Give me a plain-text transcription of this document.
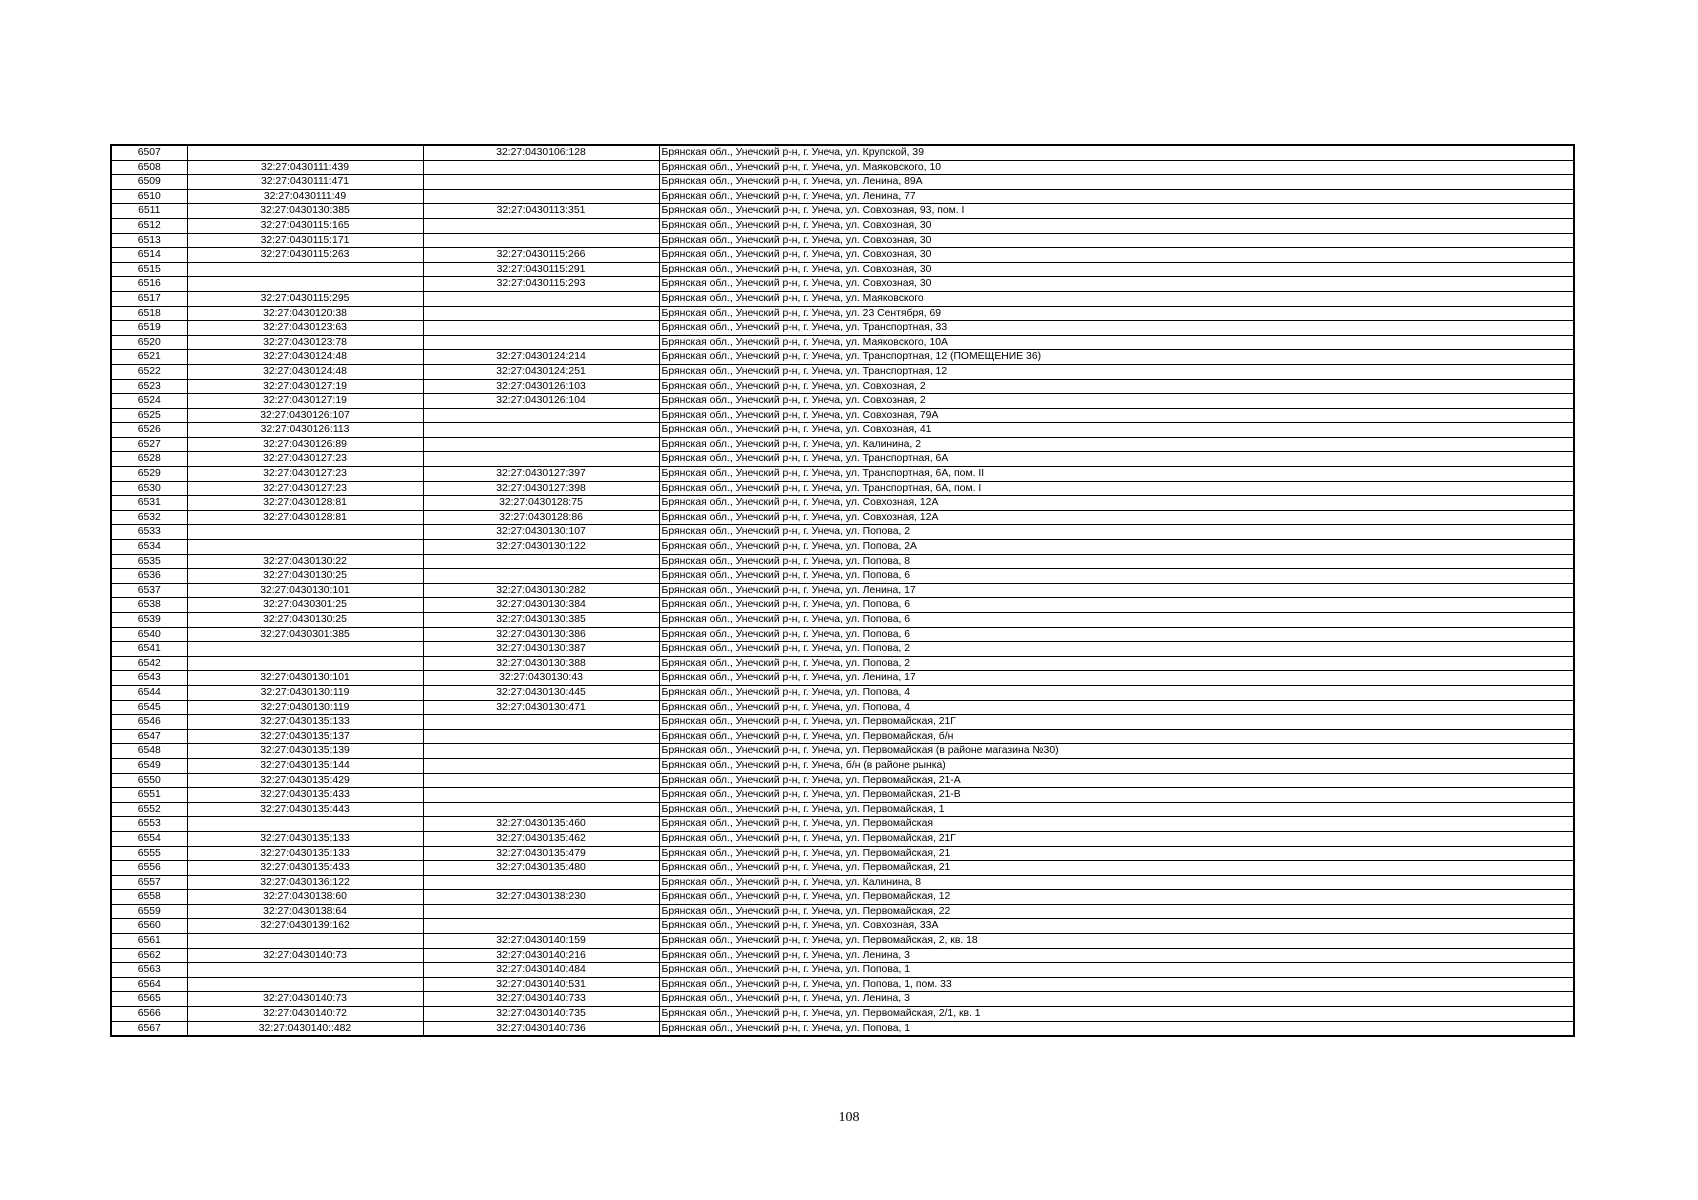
6507		32:27:0430106:128	Брянская обл., Унечский р-н, г. Унеча, ул. Крупской, 39
6508	32:27:0430111:439		Брянская обл., Унечский р-н, г. Унеча, ул. Маяковского, 10
6509	32:27:0430111:471		Брянская обл., Унечский р-н, г. Унеча, ул. Ленина, 89А
6510	32:27:0430111:49		Брянская обл., Унечский р-н, г. Унеча, ул. Ленина, 77
6511	32:27:0430130:385	32:27:0430113:351	Брянская обл., Унечский р-н, г. Унеча, ул. Совхозная, 93, пом. I
6512	32:27:0430115:165		Брянская обл., Унечский р-н, г. Унеча, ул. Совхозная, 30
6513	32:27:0430115:171		Брянская обл., Унечский р-н, г. Унеча, ул. Совхозная, 30
6514	32:27:0430115:263	32:27:0430115:266	Брянская обл., Унечский р-н, г. Унеча, ул. Совхозная, 30
6515		32:27:0430115:291	Брянская обл., Унечский р-н, г. Унеча, ул. Совхозная, 30
6516		32:27:0430115:293	Брянская обл., Унечский р-н, г. Унеча, ул. Совхозная, 30
6517	32:27:0430115:295		Брянская обл., Унечский р-н, г. Унеча, ул. Маяковского
6518	32:27:0430120:38		Брянская обл., Унечский р-н, г. Унеча, ул. 23 Сентября, 69
6519	32:27:0430123:63		Брянская обл., Унечский р-н, г. Унеча, ул. Транспортная, 33
6520	32:27:0430123:78		Брянская обл., Унечский р-н, г. Унеча, ул. Маяковского, 10А
6521	32:27:0430124:48	32:27:0430124:214	Брянская обл., Унечский р-н, г. Унеча, ул. Транспортная, 12 (ПОМЕЩЕНИЕ 36)
6522	32:27:0430124:48	32:27:0430124:251	Брянская обл., Унечский р-н, г. Унеча, ул. Транспортная, 12
6523	32:27:0430127:19	32:27:0430126:103	Брянская обл., Унечский р-н, г. Унеча, ул. Совхозная, 2
6524	32:27:0430127:19	32:27:0430126:104	Брянская обл., Унечский р-н, г. Унеча, ул. Совхозная, 2
6525	32:27:0430126:107		Брянская обл., Унечский р-н, г. Унеча, ул. Совхозная, 79А
6526	32:27:0430126:113		Брянская обл., Унечский р-н, г. Унеча, ул. Совхозная, 41
6527	32:27:0430126:89		Брянская обл., Унечский р-н, г. Унеча, ул. Калинина, 2
6528	32:27:0430127:23		Брянская обл., Унечский р-н, г. Унеча, ул. Транспортная, 6А
6529	32:27:0430127:23	32:27:0430127:397	Брянская обл., Унечский р-н, г. Унеча, ул. Транспортная, 6А, пом. II
6530	32:27:0430127:23	32:27:0430127:398	Брянская обл., Унечский р-н, г. Унеча, ул. Транспортная, 6А, пом. I
6531	32:27:0430128:81	32:27:0430128:75	Брянская обл., Унечский р-н, г. Унеча, ул. Совхозная, 12А
6532	32:27:0430128:81	32:27:0430128:86	Брянская обл., Унечский р-н, г. Унеча, ул. Совхозная, 12А
6533		32:27:0430130:107	Брянская обл., Унечский р-н, г. Унеча, ул. Попова, 2
6534		32:27:0430130:122	Брянская обл., Унечский р-н, г. Унеча, ул. Попова, 2А
6535	32:27:0430130:22		Брянская обл., Унечский р-н, г. Унеча, ул. Попова, 8
6536	32:27:0430130:25		Брянская обл., Унечский р-н, г. Унеча, ул. Попова, 6
6537	32:27:0430130:101	32:27:0430130:282	Брянская обл., Унечский р-н, г. Унеча, ул. Ленина, 17
6538	32:27:0430301:25	32:27:0430130:384	Брянская обл., Унечский р-н, г. Унеча, ул. Попова, 6
6539	32:27:0430130:25	32:27:0430130:385	Брянская обл., Унечский р-н, г. Унеча, ул. Попова, 6
6540	32:27:0430301:385	32:27:0430130:386	Брянская обл., Унечский р-н, г. Унеча, ул. Попова, 6
6541		32:27:0430130:387	Брянская обл., Унечский р-н, г. Унеча, ул. Попова, 2
6542		32:27:0430130:388	Брянская обл., Унечский р-н, г. Унеча, ул. Попова, 2
6543	32:27:0430130:101	32:27:0430130:43	Брянская обл., Унечский р-н, г. Унеча, ул. Ленина, 17
6544	32:27:0430130:119	32:27:0430130:445	Брянская обл., Унечский р-н, г. Унеча, ул. Попова, 4
6545	32:27:0430130:119	32:27:0430130:471	Брянская обл., Унечский р-н, г. Унеча, ул. Попова, 4
6546	32:27:0430135:133		Брянская обл., Унечский р-н, г. Унеча, ул. Первомайская, 21Г
6547	32:27:0430135:137		Брянская обл., Унечский р-н, г. Унеча, ул. Первомайская, б/н
6548	32:27:0430135:139		Брянская обл., Унечский р-н, г. Унеча, ул. Первомайская (в районе магазина №30)
6549	32:27:0430135:144		Брянская обл., Унечский р-н, г. Унеча, б/н (в районе рынка)
6550	32:27:0430135:429		Брянская обл., Унечский р-н, г. Унеча, ул. Первомайская, 21-А
6551	32:27:0430135:433		Брянская обл., Унечский р-н, г. Унеча, ул. Первомайская, 21-В
6552	32:27:0430135:443		Брянская обл., Унечский р-н, г. Унеча, ул. Первомайская, 1
6553		32:27:0430135:460	Брянская обл., Унечский р-н, г. Унеча, ул. Первомайская
6554	32:27:0430135:133	32:27:0430135:462	Брянская обл., Унечский р-н, г. Унеча, ул. Первомайская, 21Г
6555	32:27:0430135:133	32:27:0430135:479	Брянская обл., Унечский р-н, г. Унеча, ул. Первомайская, 21
6556	32:27:0430135:433	32:27:0430135:480	Брянская обл., Унечский р-н, г. Унеча, ул. Первомайская, 21
6557	32:27:0430136:122		Брянская обл., Унечский р-н, г. Унеча, ул. Калинина, 8
6558	32:27:0430138:60	32:27:0430138:230	Брянская обл., Унечский р-н, г. Унеча, ул. Первомайская, 12
6559	32:27:0430138:64		Брянская обл., Унечский р-н, г. Унеча, ул. Первомайская, 22
6560	32:27:0430139:162		Брянская обл., Унечский р-н, г. Унеча, ул. Совхозная, 33А
6561		32:27:0430140:159	Брянская обл., Унечский р-н, г. Унеча, ул. Первомайская, 2, кв. 18
6562	32:27:0430140:73	32:27:0430140:216	Брянская обл., Унечский р-н, г. Унеча, ул. Ленина, 3
6563		32:27:0430140:484	Брянская обл., Унечский р-н, г. Унеча, ул. Попова, 1
6564		32:27:0430140:531	Брянская обл., Унечский р-н, г. Унеча, ул. Попова, 1, пом. 33
6565	32:27:0430140:73	32:27:0430140:733	Брянская обл., Унечский р-н, г. Унеча, ул. Ленина, 3
6566	32:27:0430140:72	32:27:0430140:735	Брянская обл., Унечский р-н, г. Унеча, ул. Первомайская, 2/1, кв. 1
6567	32:27:0430140::482	32:27:0430140:736	Брянская обл., Унечский р-н, г. Унеча, ул. Попова, 1
108
